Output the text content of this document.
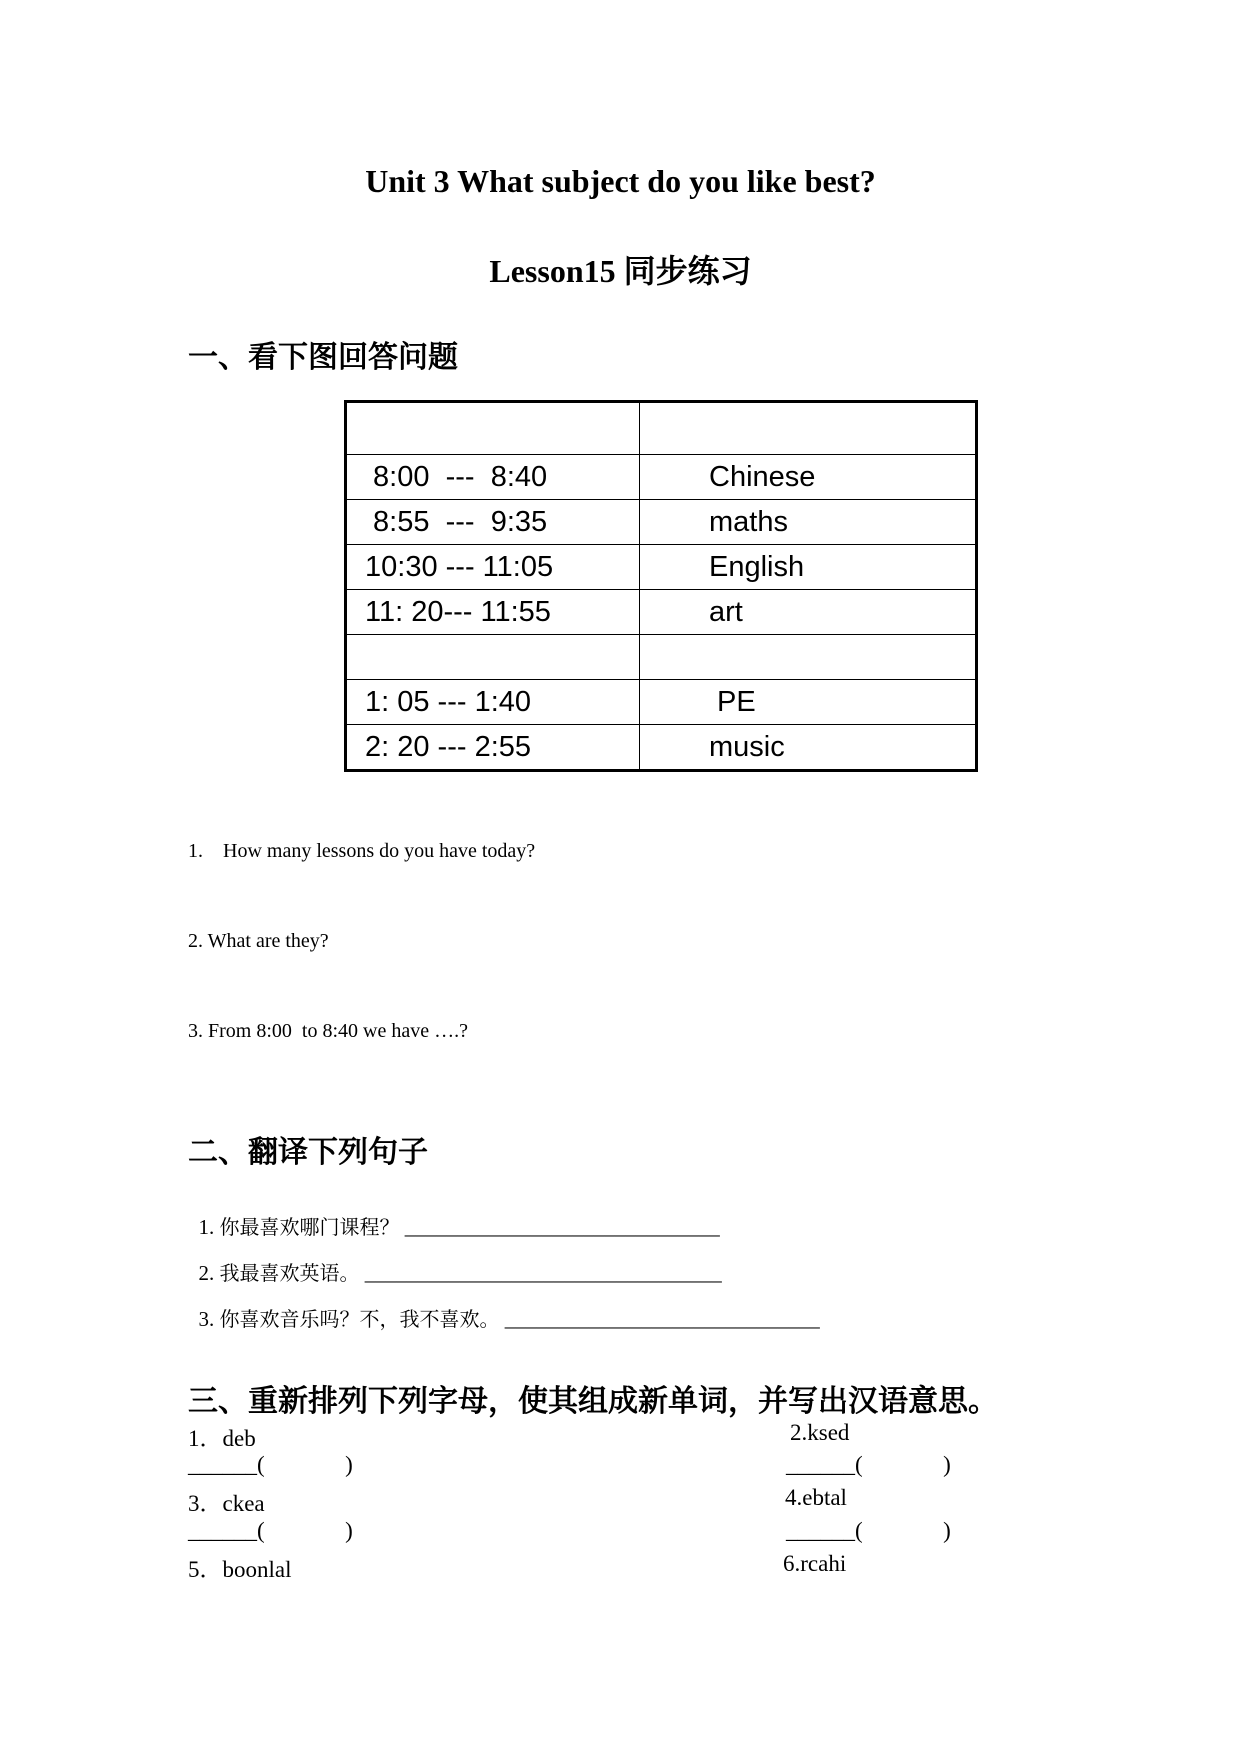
Unit 3 What subject do you like best?
Lesson15 同步练习
一、看下图回答问题

8:00  ---  8:40	Chinese
8:55  ---  9:35	maths
10:30 --- 11:05	English
11: 20--- 11:55	art

1: 05 --- 1:40	PE
2: 20 --- 2:55	music
1.    How many lessons do you have today?
2. What are they?
3. From 8:00  to 8:40 we have ….?
二、翻译下列句子

1. 你最喜欢哪门课程？ ______________________________

2. 我最喜欢英语。 __________________________________

3. 你喜欢音乐吗？不，我不喜欢。 ______________________________

三、重新排列下列字母，使其组成新单词，并写出汉语意思。
1．deb	2.ksed
______(              )	______(              )
3．ckea	4.ebtal
______(              )	______(              )
5．boonlal	6.rcahi
